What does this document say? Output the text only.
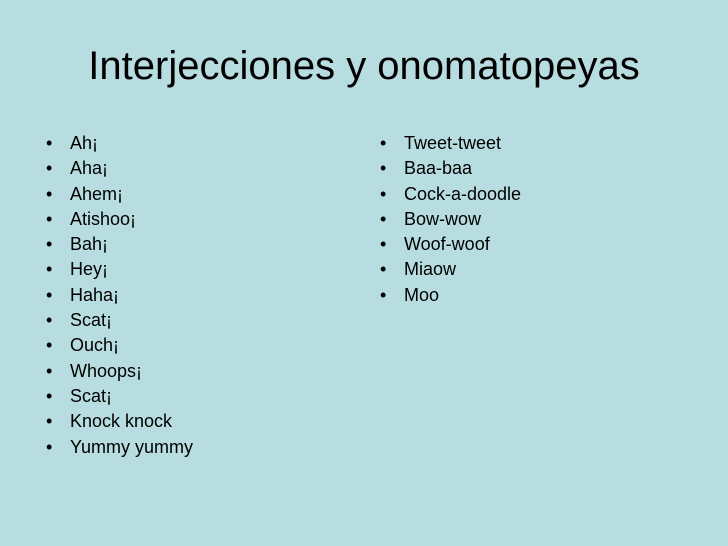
Interjecciones y onomatopeyas
• Ah¡
• Aha¡
• Ahem¡
• Atishoo¡
• Bah¡
• Hey¡
• Haha¡
• Scat¡
• Ouch¡
• Whoops¡
• Scat¡
• Knock knock
• Yummy yummy
• Tweet-tweet
• Baa-baa
• Cock-a-doodle
• Bow-wow
• Woof-woof
• Miaow
• Moo
